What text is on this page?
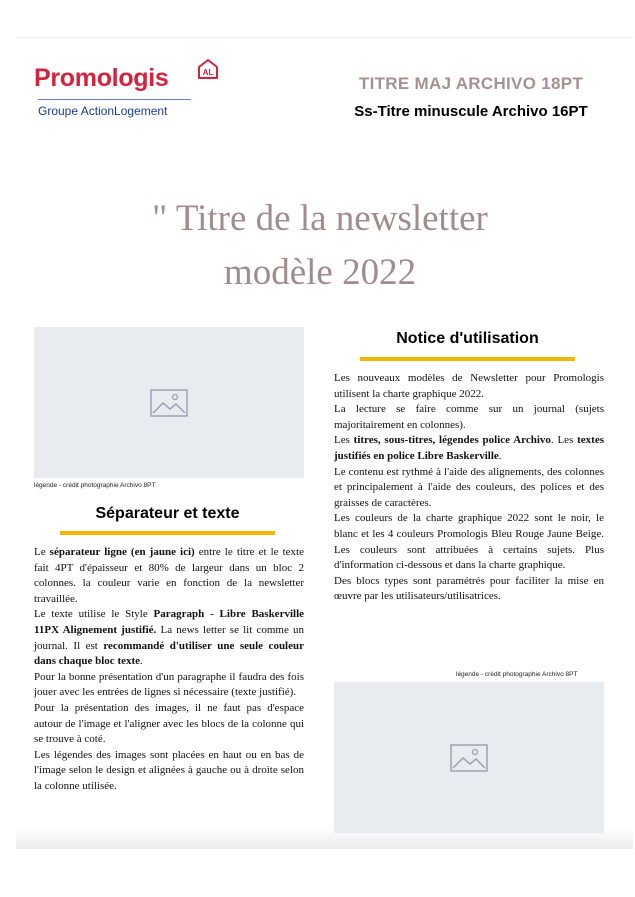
Promologis	AL
Groupe ActionLogement
TITRE MAJ ARCHIVO 18PT
Ss-Titre minuscule Archivo 16PT
" Titre de la newsletter
modèle 2022
légende - crédit photographie Archivo 8PT
Séparateur et texte

Le séparateur ligne (en jaune ici) entre le titre et le texte fait 4PT d'épaisseur et 80% de largeur dans un bloc 2 colonnes. la couleur varie en fonction de la newsletter travaillée.

Le texte utilise le Style Paragraph - Libre Baskerville 11PX Alignement justifié. La news letter se lit comme un journal. Il est recommandé d'utiliser une seule couleur dans chaque bloc texte.

Pour la bonne présentation d'un paragraphe il faudra des fois jouer avec les entrées de lignes si nécessaire (texte justifié).

Pour la présentation des images, il ne faut pas d'espace autour de l'image et l'aligner avec les blocs de la colonne qui se trouve à coté.

Les légendes des images sont placées en haut ou en bas de l'image selon le design et alignées à gauche ou à droite selon la colonne utilisée.

Notice d'utilisation

Les nouveaux modèles de Newsletter pour Promologis utilisent la charte graphique 2022.

La lecture se faire comme sur un journal (sujets majoritairement en colonnes).

Les titres, sous-titres, légendes police Archivo. Les textes justifiés en police Libre Baskerville.

Le contenu est rythmé à l'aide des alignements, des colonnes et principalement à l'aide des couleurs, des polices et des graisses de caractères.

Les couleurs de la charte graphique 2022 sont le noir, le blanc et les 4 couleurs Promologis Bleu Rouge Jaune Beige. Les couleurs sont attribuées à certains sujets. Plus d'information ci-dessous et dans la charte graphique.

Des blocs types sont paramétrés pour faciliter la mise en œuvre par les utilisateurs/utilisatrices.

légende - crédit photographie Archivo 8PT
